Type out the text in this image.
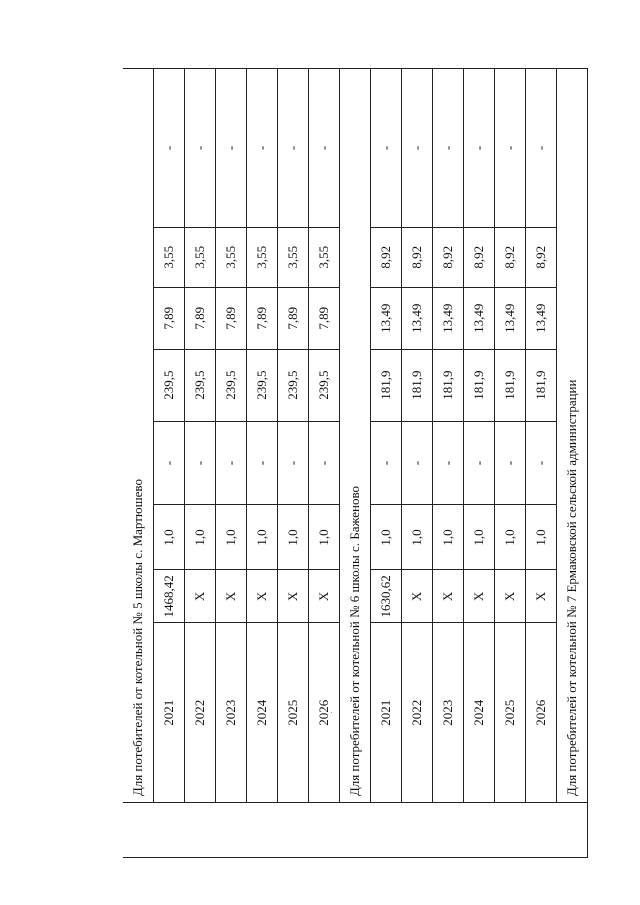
	Для потебителей от котельной № 5 школы с. Мартюшево							
	2021	1468,42	1,0	-	239,5	7,89	3,55	-
	2022	Х	1,0	-	239,5	7,89	3,55	-
	2023	Х	1,0	-	239,5	7,89	3,55	-
	2024	Х	1,0	-	239,5	7,89	3,55	-
	2025	Х	1,0	-	239,5	7,89	3,55	-
	2026	Х	1,0	-	239,5	7,89	3,55	-
	Для потребителей от котельной № 6 школы с. Баженово							
	2021	1630,62	1,0	-	181,9	13,49	8,92	-
	2022	Х	1,0	-	181,9	13,49	8,92	-
	2023	Х	1,0	-	181,9	13,49	8,92	-
	2024	Х	1,0	-	181,9	13,49	8,92	-
	2025	Х	1,0	-	181,9	13,49	8,92	-
	2026	Х	1,0	-	181,9	13,49	8,92	-
	Для потребителей от котельной № 7 Ермаковской сельской администрации							
